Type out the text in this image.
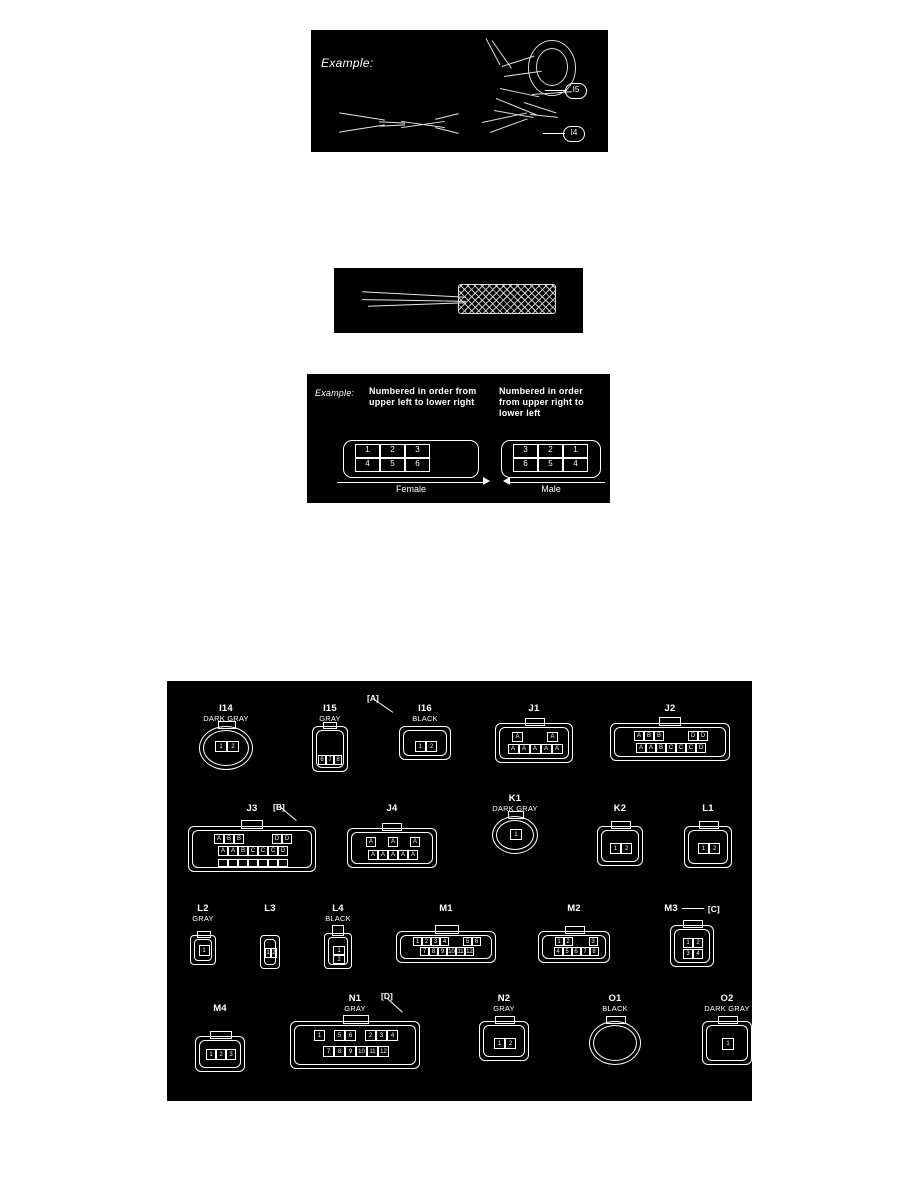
Example:
I5
I4
Example: Numbered in order from upper left to lower right
Numbered in order from upper right to lower left
1	2	3
4	5	6
Female
3	2	1
6	5	4
Male
I14
DARK GRAY
1	2
I15
GRAY
6 7 8
[A]
I16
BLACK
1	2
J1
A	A
A	A	A	A	A
J2
A B B	D D
A A B C C C D
J3	[B]
A B B	D D
A A B C C C D
J4
A	A	A
A A A A A
K1
DARK GRAY
1
K2
1	2
L1
1	2
L2
GRAY
1
L3
1 2
L4
BLACK
1
2
M1
1 2 3 4	5 6
7 8 9 10 11 12
M2
1 2	3
4 5 6 7 8
M3	[C]
1	2
3	4
M4
1	2	3
N1	[D]
GRAY
1	5	6	2	3	4
7	8	9 10 11 12
N2
GRAY
1	2
O1
BLACK
O2
DARK GRAY
1
